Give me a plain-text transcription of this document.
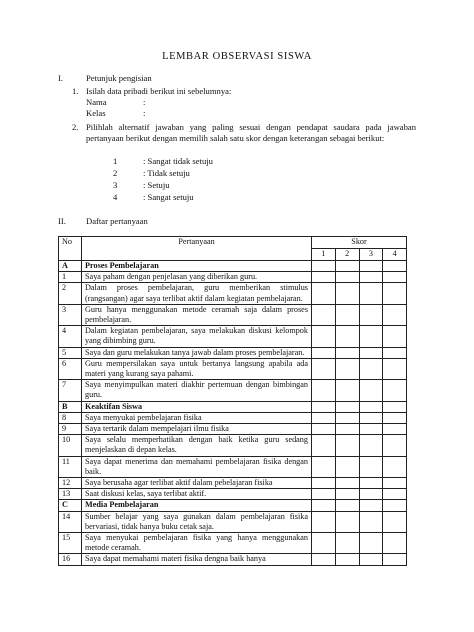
LEMBAR OBSERVASI SISWA
I.	Petunjuk pengisian
1. Isilah data pribadi berikut ini sebelumnya:
Nama	:
Kelas	:
2. Pilihlah alternatif jawaban yang paling sesuai dengan pendapat saudara pada jawaban pertanyaan berikut dengan memilih salah satu skor dengan keterangan sebagai berikut:
1	: Sangat tidak setuju
2	: Tidak setuju
3	: Setuju
4	: Sangat setuju
II. Daftar pertanyaan
No	Pertanyaan	Skor			
		1	2	3	4
A	Proses Pembelajaran				
1	Saya paham dengan penjelasan yang diberikan guru.				
2	Dalam proses pembelajaran, guru memberikan stimulus (rangsangan) agar saya terlibat aktif dalam kegiatan pembelajaran.				
3	Guru hanya menggunakan metode ceramah saja dalam proses pembelajaran.				
4	Dalam kegiatan pembelajaran, saya melakukan diskusi kelompok yang dibimbing guru.				
5	Saya dan guru melakukan tanya jawab dalam proses pembelajaran.				
6	Guru mempersilakan saya untuk bertanya langsung apabila ada materi yang kurang saya pahami.				
7	Saya menyimpulkan materi diakhir pertemuan dengan bimbingan guru.				
B	Keaktifan Siswa				
8	Saya menyukai pembelajaran fisika				
9	Saya tertarik dalam mempelajari ilmu fisika				
10	Saya selalu memperhatikan dengan baik ketika guru sedang menjelaskan di depan kelas.				
11	Saya dapat menerima dan memahami pembelajaran fisika dengan baik.				
12	Saya berusaha agar terlibat aktif dalam pebelajaran fisika				
13	Saat diskusi kelas, saya terlibat aktif.				
C	Media Pembelajaran				
14	Sumber belajar yang saya gunakan dalam pembelajaran fisika bervariasi, tidak hanya buku cetak saja.				
15	Saya menyukai pembelajaran fisika yang hanya menggunakan metode ceramah.				
16	Saya dapat memahami materi fisika dengna baik hanya				
